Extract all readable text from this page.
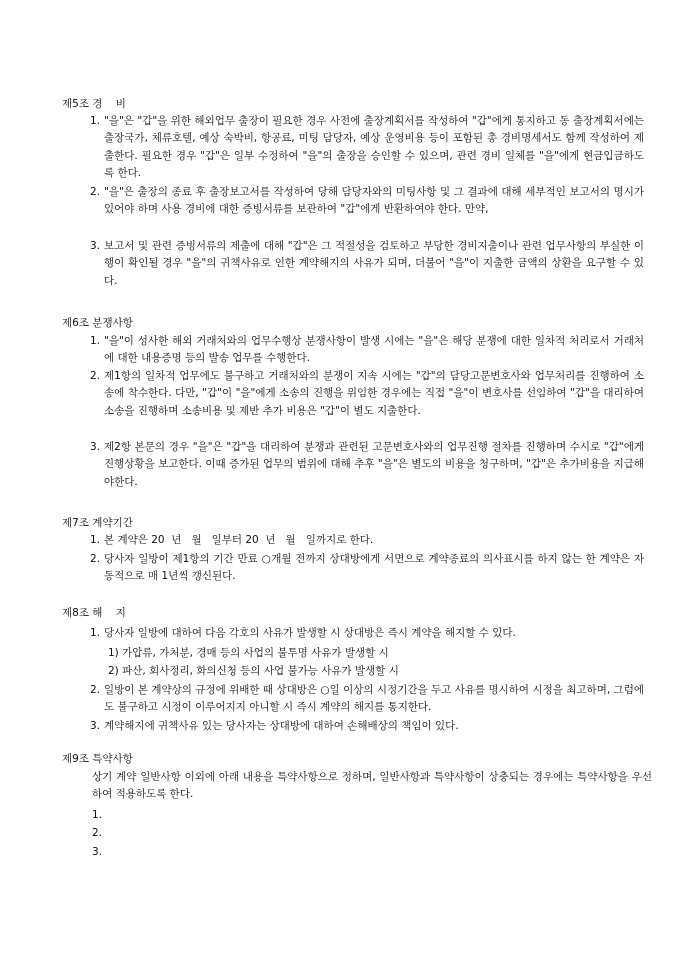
제5조 경    비
1. "을"은 "갑"을 위한 해외업무 출장이 필요한 경우 사전에 출장계획서를 작성하여 "갑"에게 통지하고 동 출장계획서에는 출장국가, 체류호텔, 예상 숙박비, 항공료, 미팅 담당자, 예상 운영비용 등이 포함된 총 경비명세서도 함께 작성하여 제출한다. 필요한 경우 "갑"은 일부 수정하여 "을"의 출장을 승인할 수 있으며, 관련 경비 일체를 "을"에게 현금입금하도록 한다.
2. "을"은 출장의 종료 후 출장보고서를 작성하여 당해 담당자와의 미팅사항 및 그 결과에 대해 세부적인 보고서의 명시가 있어야 하며 사용 경비에 대한 증빙서류를 보관하여 "갑"에게 반환하여야 한다. 만약,
3. 보고서 및 관련 증빙서류의 제출에 대해 "갑"은 그 적절성을 검토하고 부당한 경비지출이나 관련 업무사항의 부실한 이행이 확인될 경우 "을"의 귀책사유로 인한 계약해지의 사유가 되며, 더불어 "을"이 지출한 금액의 상환을 요구할 수 있다.
제6조 분쟁사항
1. "을"이 성사한 해외 거래처와의 업무수행상 분쟁사항이 발생 시에는 "을"은 해당 분쟁에 대한 일차적 처리로서 거래처에 대한 내용증명 등의 발송 업무를 수행한다.
2. 제1항의 일차적 업무에도 불구하고 거래처와의 분쟁이 지속 시에는 "갑"의 담당고문변호사와 업무처리를 진행하여 소송에 착수한다. 다만, "갑"이 "을"에게 소송의 진행을 위임한 경우에는 직접 "을"이 변호사를 선임하여 "갑"을 대리하여 소송을 진행하며 소송비용 및 제반 추가 비용은 "갑"이 별도 지출한다.
3. 제2항 본문의 경우 "을"은 "갑"을 대리하여 분쟁과 관련된 고문변호사와의 업무진행 절차를 진행하며 수시로 "갑"에게 진행상황을 보고한다. 이때 증가된 업무의 범위에 대해 추후 "을"은 별도의 비용을 청구하며, "갑"은 추가비용을 지급해야한다.
제7조 계약기간
1. 본 계약은 20  년   월   일부터 20  년   월   일까지로 한다.
2. 당사자 일방이 제1항의 기간 만료 ○개월 전까지 상대방에게 서면으로 계약종료의 의사표시를 하지 않는 한 계약은 자동적으로 매 1년씩 갱신된다.
제8조 해    지
1. 당사자 일방에 대하여 다음 각호의 사유가 발생할 시 상대방은 즉시 계약을 해지할 수 있다.
1) 가압류, 가처분, 경매 등의 사업의 불투명 사유가 발생할 시
2) 파산, 회사정리, 화의신청 등의 사업 불가능 사유가 발생할 시
2. 일방이 본 계약상의 규정에 위배한 때 상대방은 ○일 이상의 시정기간을 두고 사유를 명시하여 시정을 최고하며, 그럼에도 불구하고 시정이 이루어지지 아니할 시 즉시 계약의 해지를 통지한다.
3. 계약해지에 귀책사유 있는 당사자는 상대방에 대하여 손해배상의 책임이 있다.
제9조 특약사항
상기 계약 일반사항 이외에 아래 내용을 특약사항으로 정하며, 일반사항과 특약사항이 상충되는 경우에는 특약사항을 우선하여 적용하도록 한다.
1.
2.
3.
